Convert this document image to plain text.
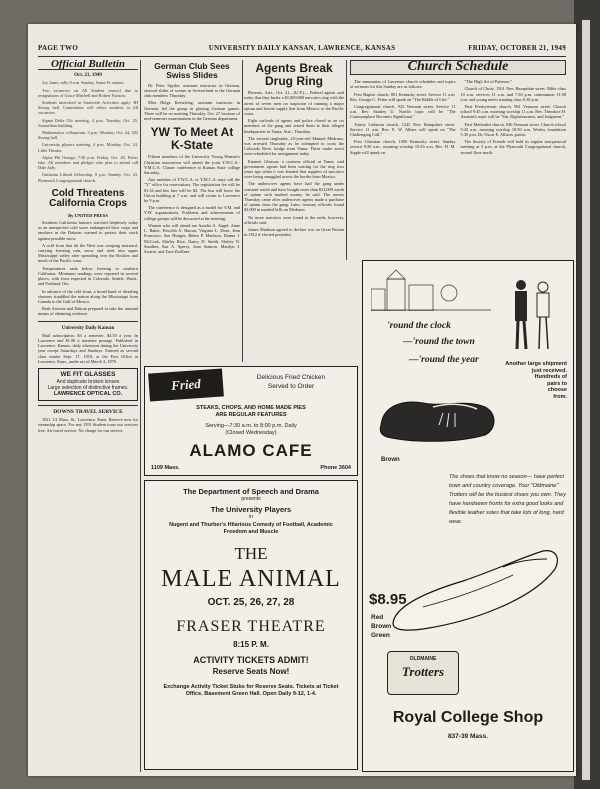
PAGE TWO	UNIVERSITY DAILY KANSAN, LAWRENCE, KANSAS	FRIDAY, OCTOBER 21, 1949
Official Bulletin
Oct. 21, 1949

Joy Janes, rally 8 a.m. Sunday, Santa Fe station.

Two vacancies on All Student council due to resignations of Grace Mitchell and Robert Fortson.

Students interested in Statewide Activities apply 3H Strong hall. Committees will select students to fill vacancies.

Sigma Delta Chi meeting, 4 p.m. Tuesday, Oct. 25, Journalism building.

Mathematics colloquium, 3 p.m. Monday, Oct. 24, 202 Strong hall.

University players meeting, 4 p.m. Monday, Oct. 24, Little Theater.

Alpha Phi Omega, 7:30 p.m. Friday, Oct. 28, Potter lake. All members and pledges who plan to attend call Dale Judy.

Unitarian Liberal fellowship, 8 p.m. Sunday, Oct. 23, Plymouth Congregational church.

Cold Threatens California Crops
By UNITED PRESS

Southern California farmers watched helplessly today as an unexpected cold wave endangered their crops and ranchers in the Dakotas warned to protect their stock against possible snow.

A cold front that hit the West was creeping eastward, carrying freezing rain, snow and sleet into upper Mississippi valley after spreading over the Rockies and much of the Pacific coast.

Temperatures sank below freezing in southern California. Minimum readings were reported in several places, with frost expected in Colorado, Seattle, Wash., and Portland, Ore.

In advance of the cold front, a broad band of drizzling showers straddled the nation along the Mississippi from Canada to the Gulf of Mexico.

Both Arizona and Dakota prepared to take the unusual means of obtaining evidence.

University Daily Kansan

Mail subscription: $3 a semester, $4.50 a year. In Lawrence and $1.00 a semester postage. Published in Lawrence, Kansas, daily afternoon during the University year except Saturdays and Sundays. Entered as second class matter Sept. 17, 1910, at the Post Office at Lawrence, Kans., under act of March 3, 1879.

WE FIT GLASSES
And duplicate broken lenses
Large selection of distinctive frames.
LAWRENCE OPTICAL CO.
DOWNS TRAVEL SERVICE

1021 1/2 Mass. St., Lawrence. Kans. Reserve now for steamship space. For any 1951 Student tours our services free. Air travel service. No charge for our service.

German Club Sees Swiss Slides

Dr. Peter Spyder, assistant instructor in German, showed slides of scenes in Switzerland to the German club members Thursday.

Miss Helga Kesselring, assistant instructor in German, led the group in playing German games. There will be no meeting Thursday, Oct. 27 because of mid-semester examinations in the German department.

YW To Meet At K-State

Fifteen members of the University Young Women's Christian association will attend the joint Y.W.C.A.-Y.M.C.A. Cluster conference at Kansas State college Saturday.

Any member of Y.W.C.A. or Y.M.C.A. may call the "Y" office for reservations. The registration fee will be $1.54 and bus fare will be $2. The bus will leave the Union building at 7 a.m. and will return to Lawrence by 9 p.m.

The conference is designed as a model for Y.M. and Y.W. organizations. Problems and achievements of college groups will be discussed at the meeting.

Women who will attend are Aurelia A. Angel, Anne L. Baker, Priscilla A. Barron, Virginia L. Dean, Jean Francisco, Sue Hiniger, Helen P. Madison, Donna J. McCook, Shirley Rice, Nancy D. Smith, Shirley N. Sundker, Sue A. Sperry, Joan Stanton, Marilyn J. Swartz, and Zora Zoellner.

Agents Break Drug Ring

Phoenix, Ariz., Oct. 21—(U.P.)— Federal agents said today that they broke a $1,000,000 narcotics ring with the arrest of seven men on suspicion of running a major opium and heroin supply line from Mexico to the Pacific coast.

Eight carloads of agents and police closed in on six members of the gang and seized them at their alleged headquarters in Yuma, Ariz., Thursday.

The second ringleader, 25-year-old Manuel Medrano, was arrested Thursday as he attempted to cross the Colorado River bridge from Yuma. Three under arrest were scheduled for arraignment today.

Emmett Gleason, a customs official at Yuma, said government agents had been waiting for the ring four years ago when it was learned that supplies of narcotics were being smuggled across the border from Mexico.

The undercover agents have had the gang under constant watch and have bought more than $12,000 worth of opium with marked money, he said. The arrests Thursday came after undercover agents made a purchase of opium from the gang. Later, treasury officials found $2,000 in marked bills on Medrano.

No more narcotics were found in the raids, however, officials said.

James Madison agreed to declare war on Great Britain in 1812 if elected president.

Church Schedule

The summaries of Lawrence church schedules and topics of sermons for this Sunday are as follows:

First Baptist church, 801 Kentucky street. Service 11 a.m. Rev. George C. Fetter will speak on "The Riddle of Life."

Congregational church, 925 Vermont street. Service 11 a.m. Rev. Stanley U. North's topic will be "The Commonplace Becomes Significant."

Trinity Lutheran church, 1245 New Hampshire street. Service 11 a.m. Rev. E. W. Albers will speak on "The Challenging Call."

First Christian church, 1000 Kentucky street. Sunday service 9:30 a.m., morning worship 10:45 a.m. Rev. H. M. Sipple will speak on

"The High Art of Patience."

Church of Christ, 1501 New Hampshire street. Bible class 10 a.m. services 11 a.m. and 7:30 p.m. communion 11:50 a.m. and young men's training class 6:30 p.m.

First Presbyterian church, 961 Vermont street. Church school 9:45 a.m. morning worship 11 a.m. Rev. Theodore H. Aszman's topic will be "Sin, Righteousness, and Judgment."

First Methodist church, 946 Vermont street. Church school 9:45 a.m. morning worship 10:50 a.m. Wesley foundation 5:30 p.m. Dr. Oscar E. Allison, pastor.

The Society of Friends will hold its regular non-pastoral meeting at 3 p.m. at the Plymouth Congregational church, second floor north.

Fried Chicken
Delicious Fried Chicken
Served to Order
STEAKS, CHOPS, AND HOME MADE PIES
ARE REGULAR FEATURES
Serving—7:30 a.m. to 8:00 p.m. Daily
(Closed Wednesday)
ALAMO CAFE
1109 Mass.	Phone 3604
The Department of Speech and Drama
presents
The University Players
in
Nugent and Thurber's Hilarious Comedy of Football, Academic Freedom and Muscle
THE
MALE ANIMAL
OCT. 25, 26, 27, 28
FRASER THEATRE
8:15 P. M.
ACTIVITY TICKETS ADMIT!
Reserve Seats Now!
Exchange Activity Ticket Stubs for Reserve Seats. Tickets at Ticket Office, Basement Green Hall. Open Daily 9-12, 1-4.
'round the clock
—'round the town
—'round the year	Another large shipment
just received.
Hundreds of
pairs to
choose
from.
Brown
The shoes that know no season— have perfect town and country coverage. Your "Oldmaine" Trotters will be the busiest shoes you own. They have handsewn fronts for extra good looks and flexible leather soles that take lots of long, hard wear.
$8.95
Red
Brown
Green
OLDMAINE
Trotters
Royal College Shop
837-39 Mass.
